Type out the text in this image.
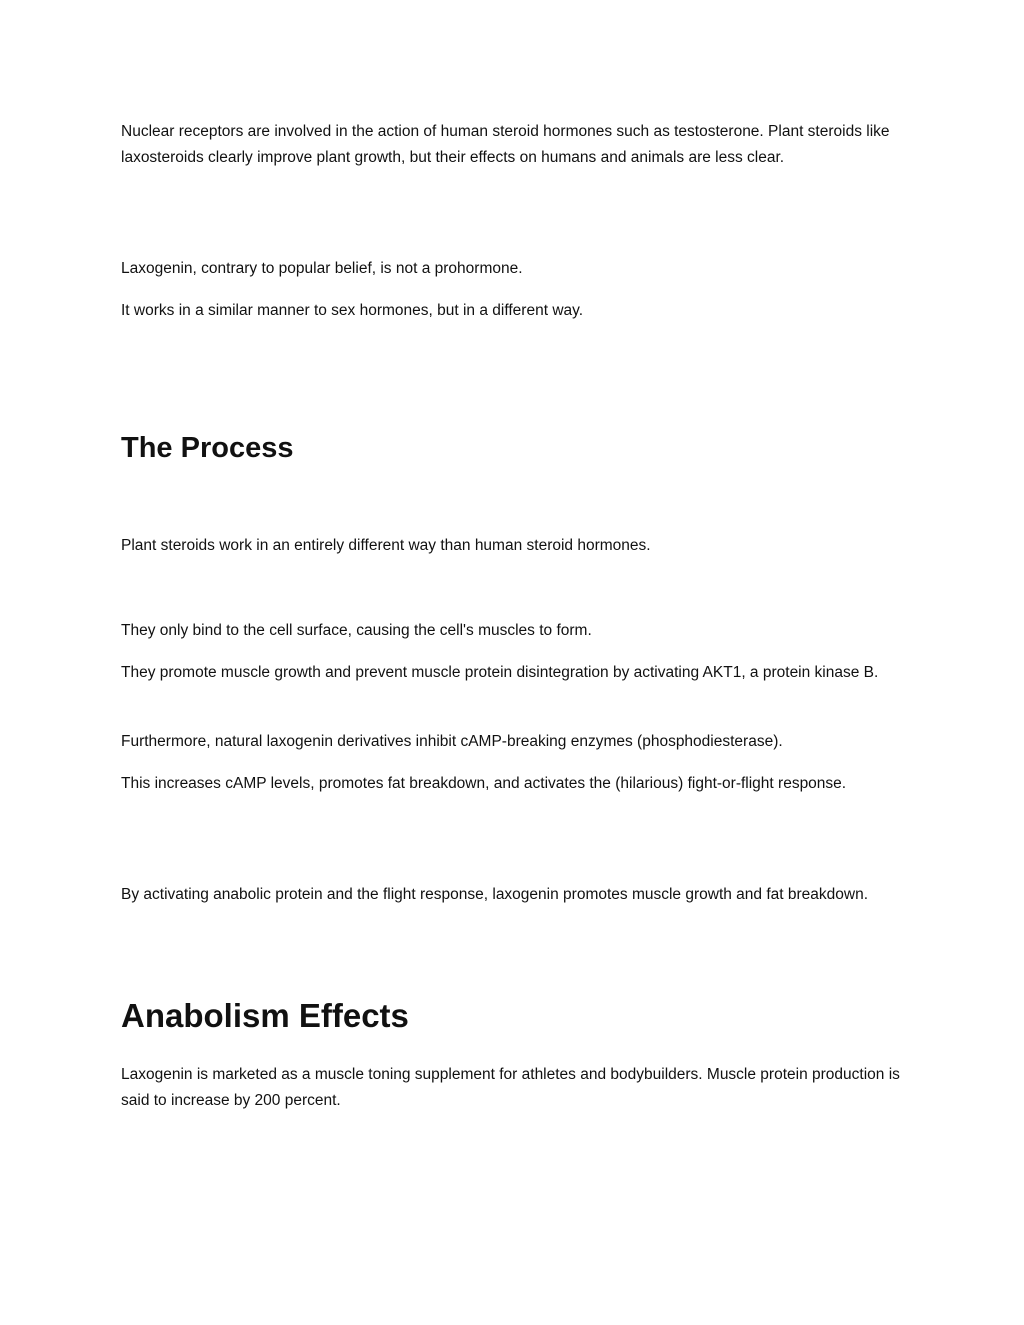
Nuclear receptors are involved in the action of human steroid hormones such as testosterone. Plant steroids like laxosteroids clearly improve plant growth, but their effects on humans and animals are less clear.

Laxogenin, contrary to popular belief, is not a prohormone.

It works in a similar manner to sex hormones, but in a different way.

The Process

Plant steroids work in an entirely different way than human steroid hormones.

They only bind to the cell surface, causing the cell's muscles to form.

They promote muscle growth and prevent muscle protein disintegration by activating AKT1, a protein kinase B.

Furthermore, natural laxogenin derivatives inhibit cAMP-breaking enzymes (phosphodiesterase).

This increases cAMP levels, promotes fat breakdown, and activates the (hilarious) fight-or-flight response.

By activating anabolic protein and the flight response, laxogenin promotes muscle growth and fat breakdown.

Anabolism Effects

Laxogenin is marketed as a muscle toning supplement for athletes and bodybuilders. Muscle protein production is said to increase by 200 percent.
